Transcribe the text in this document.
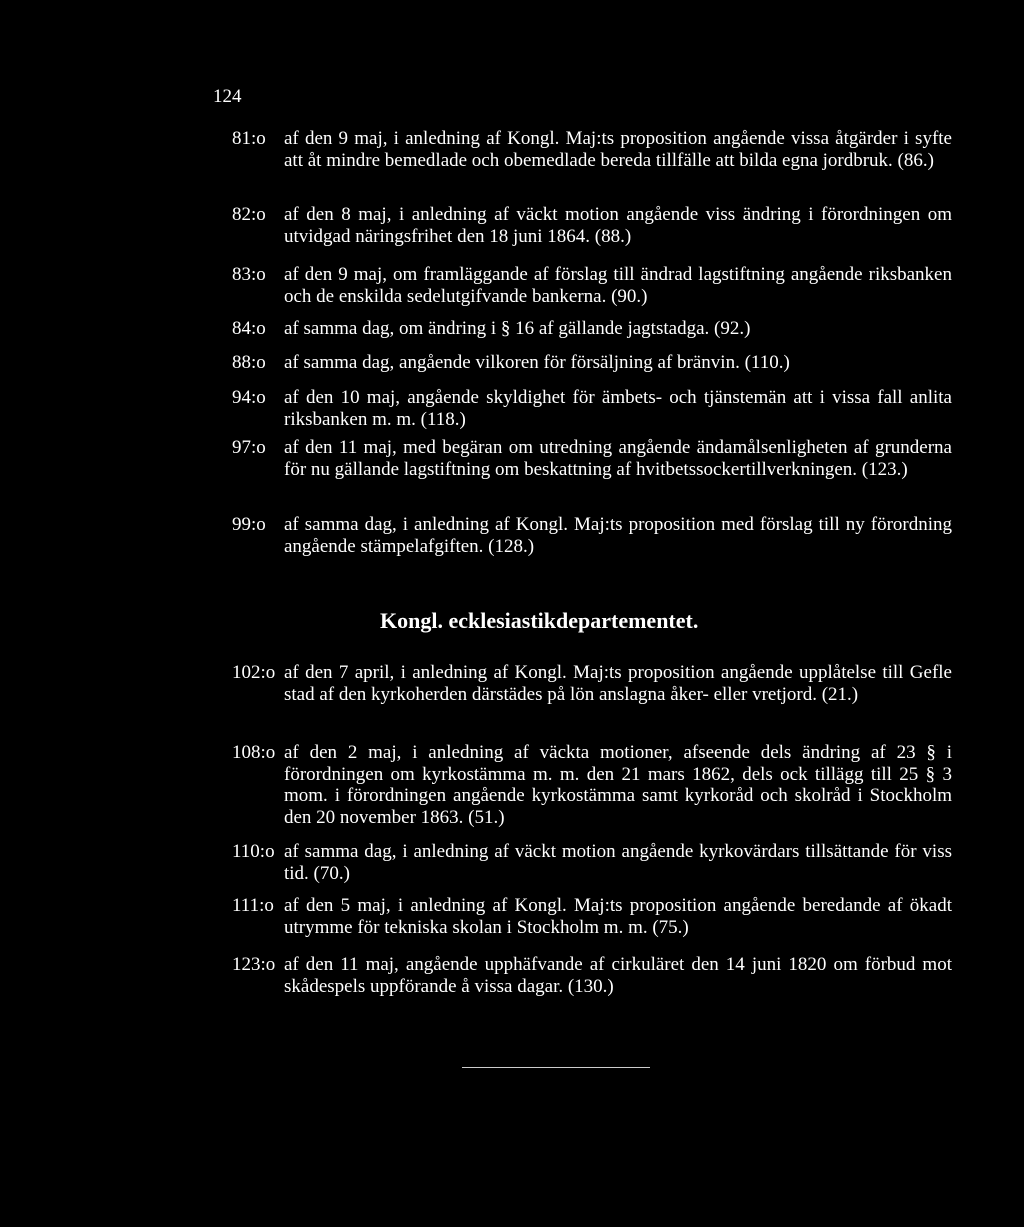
124
81:o af den 9 maj, i anledning af Kongl. Maj:ts proposition angående vissa åtgärder i syfte att åt mindre bemedlade och obemedlade bereda tillfälle att bilda egna jordbruk. (86.)
82:o af den 8 maj, i anledning af väckt motion angående viss ändring i förordningen om utvidgad näringsfrihet den 18 juni 1864. (88.)
83:o af den 9 maj, om framläggande af förslag till ändrad lagstiftning angående riksbanken och de enskilda sedelutgifvande bankerna. (90.)
84:o af samma dag, om ändring i § 16 af gällande jagtstadga. (92.)
88:o af samma dag, angående vilkoren för försäljning af bränvin. (110.)
94:o af den 10 maj, angående skyldighet för ämbets- och tjänstemän att i vissa fall anlita riksbanken m. m. (118.)
97:o af den 11 maj, med begäran om utredning angående ändamålsenligheten af grunderna för nu gällande lagstiftning om beskattning af hvitbetssockertillverkningen. (123.)
99:o af samma dag, i anledning af Kongl. Maj:ts proposition med förslag till ny förordning angående stämpelafgiften. (128.)
Kongl. ecklesiastikdepartementet.
102:o af den 7 april, i anledning af Kongl. Maj:ts proposition angående upplåtelse till Gefle stad af den kyrkoherden därstädes på lön anslagna åker- eller vretjord. (21.)
108:o af den 2 maj, i anledning af väckta motioner, afseende dels ändring af 23 § i förordningen om kyrkostämma m. m. den 21 mars 1862, dels ock tillägg till 25 § 3 mom. i förordningen angående kyrkostämma samt kyrkoråd och skolråd i Stockholm den 20 november 1863. (51.)
110:o af samma dag, i anledning af väckt motion angående kyrkovärdars tillsättande för viss tid. (70.)
111:o af den 5 maj, i anledning af Kongl. Maj:ts proposition angående beredande af ökadt utrymme för tekniska skolan i Stockholm m. m. (75.)
123:o af den 11 maj, angående upphäfvande af cirkuläret den 14 juni 1820 om förbud mot skådespels uppförande å vissa dagar. (130.)
